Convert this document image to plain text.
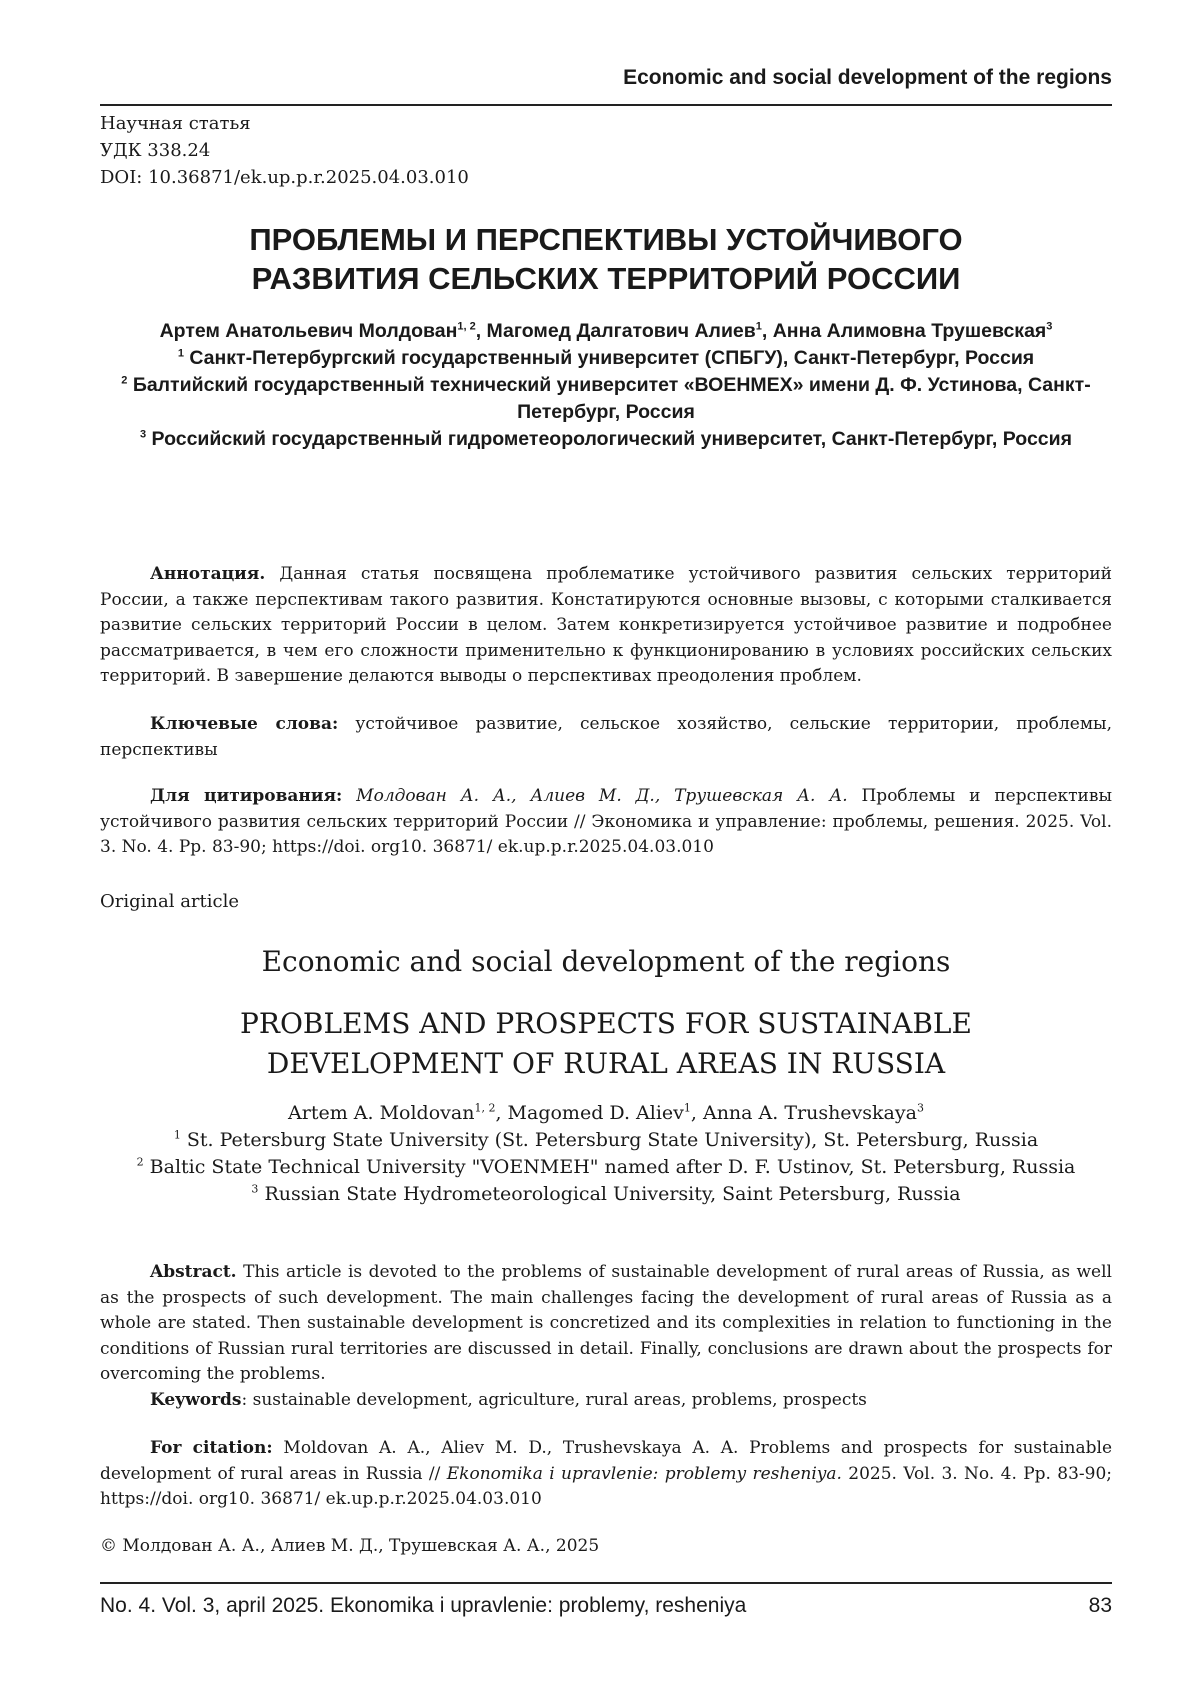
Economic and social development of the regions
Научная статья
УДК 338.24
DOI: 10.36871/ek.up.p.r.2025.04.03.010
ПРОБЛЕМЫ И ПЕРСПЕКТИВЫ УСТОЙЧИВОГО
РАЗВИТИЯ СЕЛЬСКИХ ТЕРРИТОРИЙ РОССИИ
Артем Анатольевич Молдован1, 2, Магомед Далгатович Алиев1, Анна Алимовна Трушевская3
1 Санкт-Петербургский государственный университет (СПБГУ), Санкт-Петербург, Россия
2 Балтийский государственный технический университет «ВОЕНМЕХ» имени Д. Ф. Устинова, Санкт-Петербург, Россия
3 Российский государственный гидрометеорологический университет, Санкт-Петербург, Россия
Аннотация. Данная статья посвящена проблематике устойчивого развития сельских территорий России, а также перспективам такого развития. Констатируются основные вызовы, с которыми сталкивается развитие сельских территорий России в целом. Затем конкретизируется устойчивое развитие и подробнее рассматривается, в чем его сложности применительно к функционированию в условиях российских сельских территорий. В завершение делаются выводы о перспективах преодоления проблем.
Ключевые слова: устойчивое развитие, сельское хозяйство, сельские территории, проблемы, перспективы
Для цитирования: Молдован А. А., Алиев М. Д., Трушевская А. А. Проблемы и перспективы устойчивого развития сельских территорий России // Экономика и управление: проблемы, решения. 2025. Vol. 3. No. 4. Pp. 83-90; https://doi. org10. 36871/ ek.up.p.r.2025.04.03.010
Original article
Economic and social development of the regions
PROBLEMS AND PROSPECTS FOR SUSTAINABLE
DEVELOPMENT OF RURAL AREAS IN RUSSIA
Artem A. Moldovan1, 2, Magomed D. Aliev1, Anna A. Trushevskaya3
1 St. Petersburg State University (St. Petersburg State University), St. Petersburg, Russia
2 Baltic State Technical University "VOENMEH" named after D. F. Ustinov, St. Petersburg, Russia
3 Russian State Hydrometeorological University, Saint Petersburg, Russia
Abstract. This article is devoted to the problems of sustainable development of rural areas of Russia, as well as the prospects of such development. The main challenges facing the development of rural areas of Russia as a whole are stated. Then sustainable development is concretized and its complexities in relation to functioning in the conditions of Russian rural territories are discussed in detail. Finally, conclusions are drawn about the prospects for overcoming the problems.
Keywords: sustainable development, agriculture, rural areas, problems, prospects
For citation: Moldovan A. A., Aliev M. D., Trushevskaya A. A. Problems and prospects for sustainable development of rural areas in Russia // Ekonomika i upravlenie: problemy resheniya. 2025. Vol. 3. No. 4. Pp. 83-90; https://doi. org10. 36871/ ek.up.p.r.2025.04.03.010
© Молдован А. А., Алиев М. Д., Трушевская А. А., 2025
No. 4. Vol. 3, april 2025. Ekonomika i upravlenie: problemy, resheniya	83
